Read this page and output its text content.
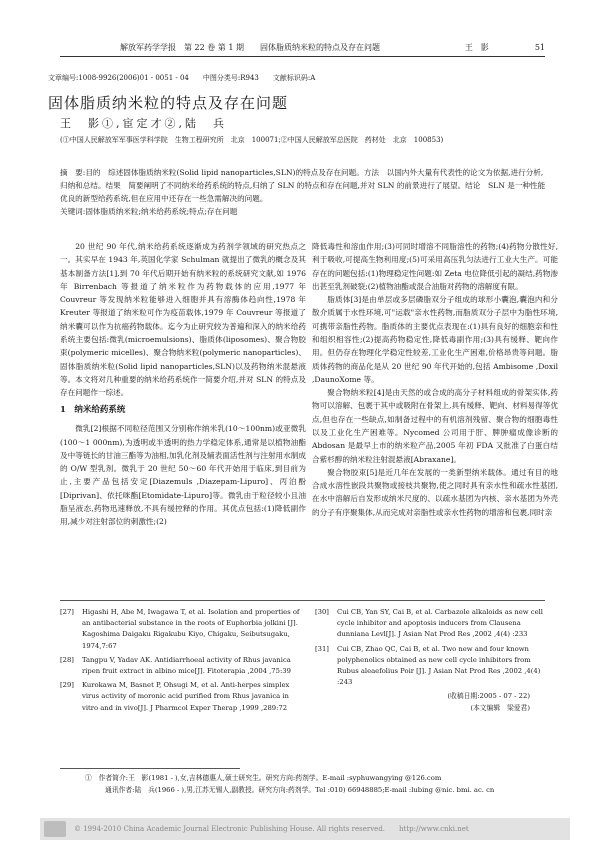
解放军药学学报　第 22 卷 第 1 期　　 固体脂质纳米粒的特点及存在问题	王　影	51
文章编号:1008-9926(2006)01 - 0051 - 04　　中图分类号:R943　　文献标识码:A
固体脂质纳米粒的特点及存在问题
王　影①,宦定才②,陆　兵
(①中国人民解放军军事医学科学院　生物工程研究所　北京　100071;②中国人民解放军总医院　药材处　北京　100853)
摘　要:目的　综述固体脂质纳米粒(Solid lipid nanoparticles,SLN)的特点及存在问题。方法　以国内外大量有代表性的论文为依据,进行分析,归纳和总结。结果　简要阐明了不同纳米给药系统的特点,归纳了 SLN 的特点和存在问题,并对 SLN 的前景进行了展望。结论　SLN 是一种性能优良的新型给药系统,但在应用中还存在一些急需解决的问题。
关键词:固体脂质纳米粒;纳米给药系统;特点;存在问题

20 世纪 90 年代,纳米给药系统逐渐成为药剂学领域的研究热点之一。其实早在 1943 年,英国化学家 Schulman 就提出了微乳的概念及其基本制备方法[1],到 70 年代后期开始有纳米粒的系统研究文献,如 1976 年 Birrenbach 等报道了纳米粒作为药物载体的应用,1977 年 Couvreur 等发现纳米粒能够进入细胞并具有溶酶体趋向性,1978 年 Kreuter 等报道了纳米粒可作为疫苗载体,1979 年 Couvreur 等报道了纳米囊可以作为抗癌药物载体。迄今为止研究较为普遍和深入的纳米给药系统主要包括:微乳(microemulsions)、脂质体(liposomes)、聚合物胶束(polymeric micelles)、聚合物纳米粒(polymeric nanoparticles)、固体脂质纳米粒(Solid lipid nanoparticles,SLN)以及药物纳米混悬液等。本文将对几种重要的纳米给药系统作一简要介绍,并对 SLN 的特点及存在问题作一综述。

1　纳米给药系统

微乳[2]根据不同粒径范围又分别称作纳米乳(10～100nm)或亚微乳(100～1 000nm),为透明或半透明的热力学稳定体系,通常是以植物油酯及中等链长的甘油三酯等为油相,加乳化剂及辅表面活性剂与注射用水制成的 O/W 型乳剂。微乳于 20 世纪 50～60 年代开始用于临床,到目前为止,主要产品包括安定[Diazemuls ,Diazepam-Lipuro]、丙泊酚[Diprivan]、依托咪酯[Etomidate-Lipuro]等。微乳由于粒径较小且油脂呈液态,药物迅速释放,不具有缓控释的作用。其优点包括:(1)降低副作用,减少对注射部位的刺激性;(2)

降低毒性和溶血作用;(3)可同时增溶不同脂溶性的药物;(4)药物分散性好,利于吸收,可提高生物利用度;(5)可采用高压乳匀法进行工业大生产。可能存在的问题包括:(1)物理稳定性问题:如 Zeta 电位降低引起的凝结,药物渗出甚至乳剂破裂;(2)植物油酯或混合油脂对药物的溶解度有限。

脂质体[3]是由单层或多层磷脂双分子组成的球形小囊泡,囊泡内和分散介质属于水性环境,可"运载"亲水性药物,而脂质双分子层中为脂性环境,可携带亲脂性药物。脂质体的主要优点表现在:(1)具有良好的细胞亲和性和组织相容性;(2)提高药物稳定性,降低毒副作用;(3)具有缓释、靶向作用。但仍存在物理化学稳定性较差,工业化生产困难,价格昂贵等问题。脂质体药物的商品化是从 20 世纪 90 年代开始的,包括 Ambisome ,Doxil ,DaunoXome 等。

聚合物纳米粒[4]是由天然的或合成的高分子材料组成的骨架实体,药物可以溶解、包裹于其中或吸附在骨架上,具有缓释、靶向、材料易得等优点,但也存在一些缺点,如制备过程中的有机溶剂残留、聚合物的细胞毒性以及工业化生产困难等。Nycomed 公司用于肝、脾肿瘤成像诊断的 Abdosan 是最早上市的纳米粒产品,2005 年初 FDA 又批准了白蛋白结合紫杉醇的纳米粒注射混悬液[Abraxane]。

聚合物胶束[5]是近几年在发展的一类新型纳米载体。通过有目的地合成水溶性嵌段共聚物或接枝共聚物,使之同时具有亲水性和疏水性基团,在水中溶解后自发形成纳米尺度的、以疏水基团为内核、亲水基团为外壳的分子有序聚集体,从而完成对亲脂性或亲水性药物的增溶和包裹,同时亲

[27]	Higashi H, Abe M, Iwagawa T, et al. Isolation and properties of an antibacterial substance in the roots of Euphorbia jolkini [J]. Kagoshima Daigaku Rigakubu Kiyo, Chigaku, Seibutsugaku, 1974,7:67
[28]	Tangpu V, Yadav AK. Antidiarrhoeal activity of Rhus javanica ripen fruit extract in albino mice[J]. Fitoterapia ,2004 ,75:39
[29]	Kurokawa M, Basnet P, Ohsugi M, et al. Anti-herpes simplex virus activity of moronic acid purified from Rhus javanica in vitro and in vivo[J]. J Pharmcol Exper Therap ,1999 ,289:72
[30]	Cui CB, Yan SY, Cai B, et al. Carbazole alkaloids as new cell cycle inhibitor and apoptosis inducers from Clausena dunniana Levl[J]. J Asian Nat Prod Res ,2002 ,4(4) :233
[31]	Cui CB, Zhao QC, Cai B, et al. Two new and four known polyphenolics obtained as new cell cycle inhibitors from Rubus aleaefolius Poir [J]. J Asian Nat Prod Res ,2002 ,4(4) :243
(收稿日期:2005 - 07 - 22)
(本文编辑　梁爱君)
①　作者简介:王　影(1981 - ),女,吉林德惠人,硕士研究生。研究方向:药剂学。E-mail :syphuwangying @126.com
通讯作者:陆　兵(1966 - ),男,江苏无锡人,副教授。研究方向:药剂学。Tel :010) 66948885;E-mail :lubing @nic. bmi. ac. cn
© 1994-2010 China Academic Journal Electronic Publishing House. All rights reserved.　　http://www.cnki.net
